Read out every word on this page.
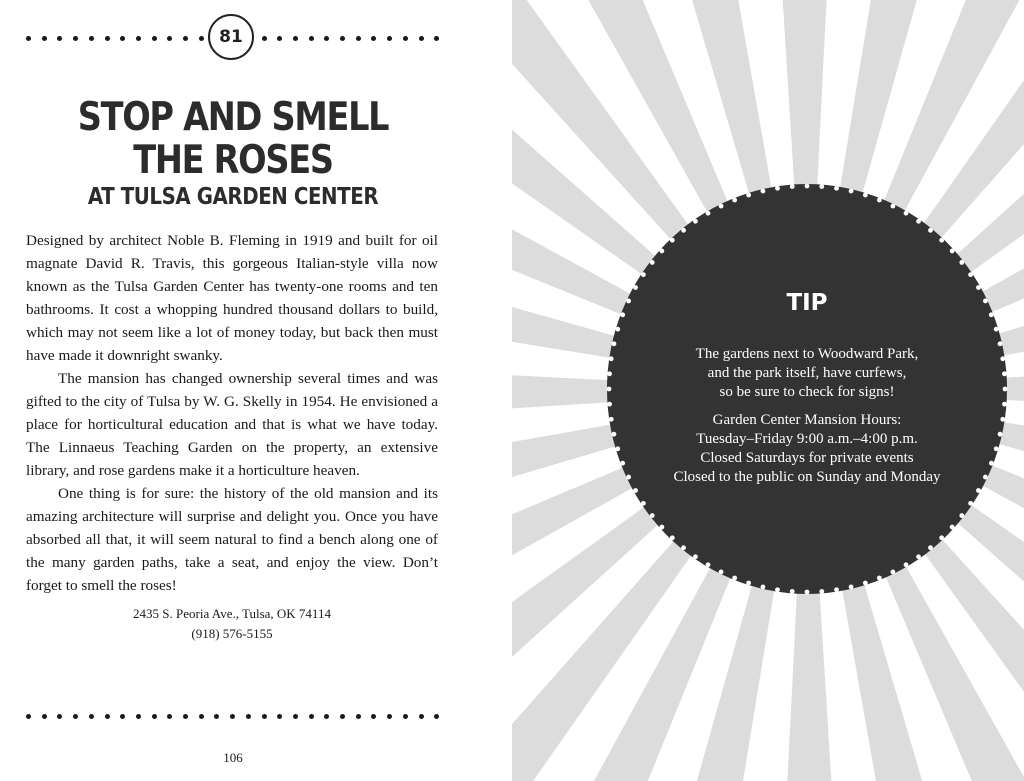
81
STOP AND SMELL
THE ROSES
AT TULSA GARDEN CENTER

Designed by architect Noble B. Fleming in 1919 and built for oil magnate David R. Travis, this gorgeous Italian-style villa now known as the Tulsa Garden Center has twenty-one rooms and ten bathrooms. It cost a whopping hundred thousand dollars to build, which may not seem like a lot of money today, but back then must have made it downright swanky.

The mansion has changed ownership several times and was gifted to the city of Tulsa by W. G. Skelly in 1954. He envisioned a place for horticultural education and that is what we have today. The Linnaeus Teaching Garden on the property, an extensive library, and rose gardens make it a horticulture heaven.

One thing is for sure: the history of the old mansion and its amazing architecture will surprise and delight you. Once you have absorbed all that, it will seem natural to find a bench along one of the many garden paths, take a seat, and enjoy the view. Don’t forget to smell the roses!

2435 S. Peoria Ave., Tulsa, OK 74114
(918) 576-5155
106
TIP

The gardens next to Woodward Park,
and the park itself, have curfews,
so be sure to check for signs!

Garden Center Mansion Hours:
Tuesday–Friday 9:00 a.m.–4:00 p.m.
Closed Saturdays for private events
Closed to the public on Sunday and Monday
